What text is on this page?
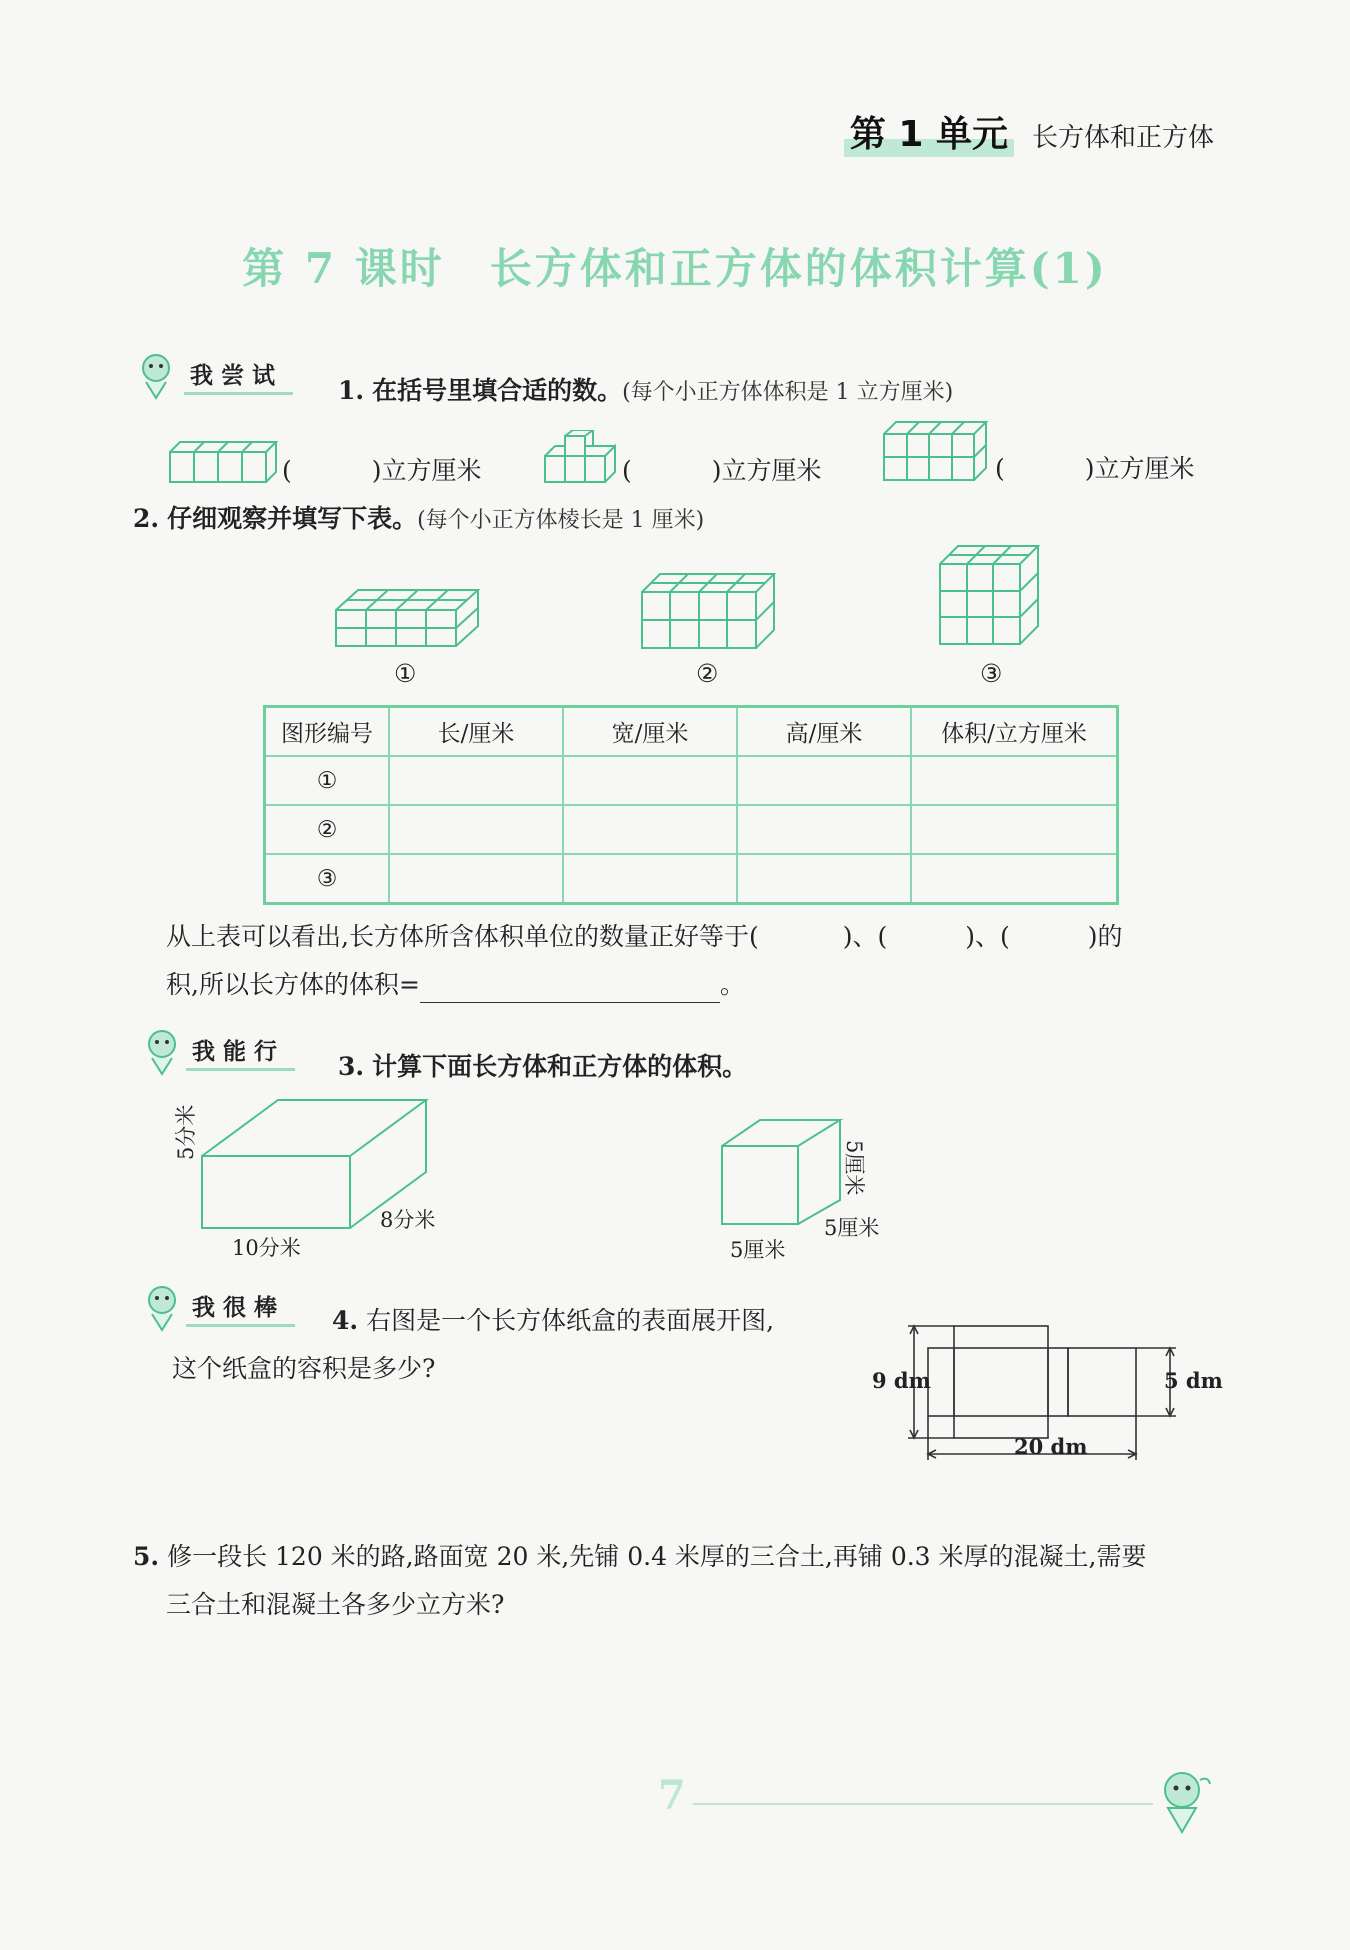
第 1 单元 长方体和正方体
第 7 课时　长方体和正方体的体积计算(1)
我尝试	1. 在括号里填合适的数。(每个小正方体体积是 1 立方厘米)
(	)立方厘米	(	)立方厘米	(	)立方厘米
2. 仔细观察并填写下表。(每个小正方体棱长是 1 厘米)
①	②	③
图形编号	长/厘米	宽/厘米	高/厘米	体积/立方厘米
①				
②				
③				
从上表可以看出,长方体所含体积单位的数量正好等于(	)、(	)、(	)的
积,所以长方体的体积=	。
我能行	3. 计算下面长方体和正方体的体积。
5分米
10分米
8分米
5厘米
5厘米
5厘米
我很棒	4. 右图是一个长方体纸盒的表面展开图,
这个纸盒的容积是多少?	9 dm	5 dm
20 dm
5. 修一段长 120 米的路,路面宽 20 米,先铺 0.4 米厚的三合土,再铺 0.3 米厚的混凝土,需要
三合土和混凝土各多少立方米?
7
